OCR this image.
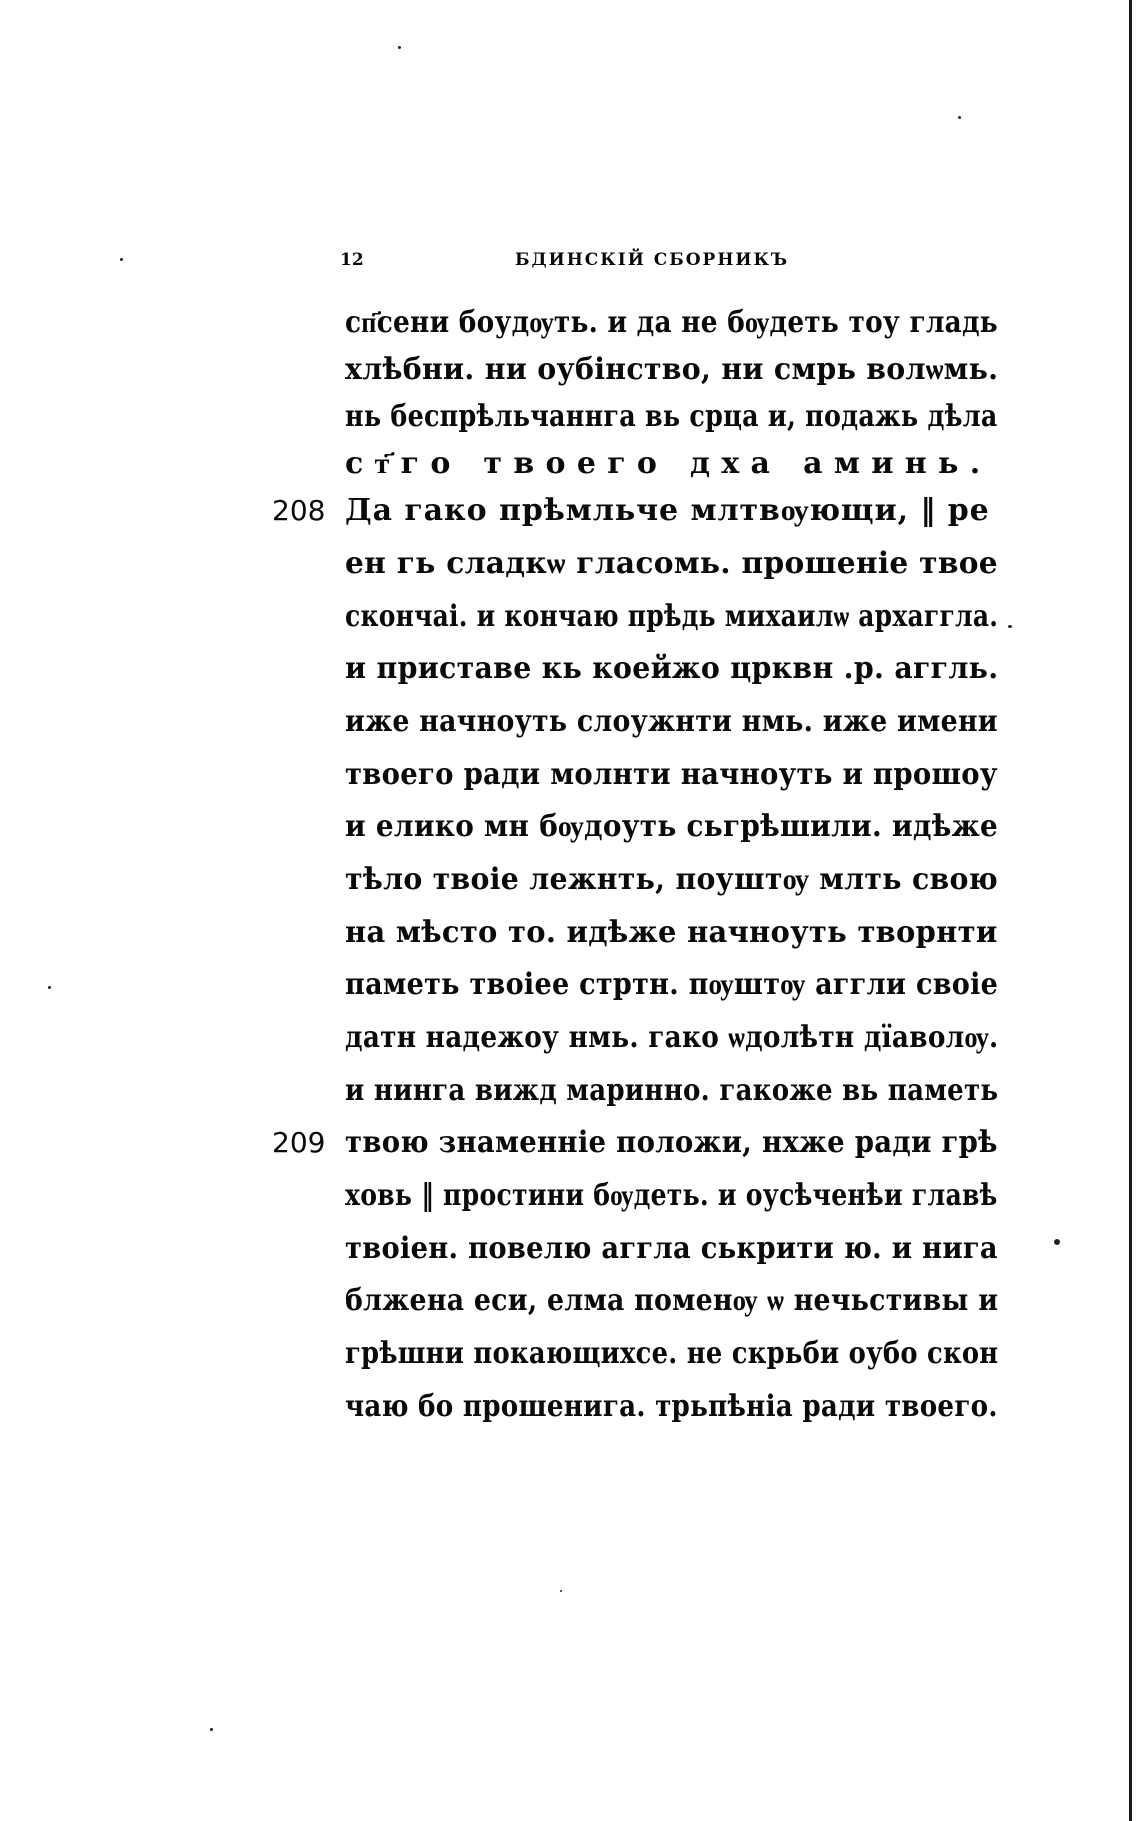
12	БДИНСКІЙ СБОРНИКЪ
208
209
сп҃сени боудѹть. и да не бѹдеть тоу гладь
хлѣбни. ни оубінство, ни смрь волѡмь.
нь беспрѣльчаннга вь срца и, подажь дѣла
ст҃го твоего дха аминь.
Да гако прѣмльче млтвѹющи, ‖ ре
ен гь сладкѡ гласомь. прошеніе твое
скончаі. и кончаю прѣдь михаилѡ архаггла.
и приставе кь коейжо црквн .р. аггль.
иже начноуть слоужнти нмь. иже имени
твоего ради молнти начноуть и прошоу
и елико мн бѹдоуть сьгрѣшили. идѣже
тѣло твоіе лежнть, поуштѹ млть свою
на мѣсто то. идѣже начноуть творнти
паметь твоіее стртн. пѹштѹ аггли своіе
датн надежоу нмь. гако ѡдолѣтн дїаволѹ.
и нинга вижд маринно. гакоже вь паметь
твою знаменніе положи, нхже ради грѣ
ховь ‖ простини бѹдеть. и оусѣченѣи главѣ
твоіен. повелю аггла ськрити ю. и нига
блжена еси, елма поменѹ ѡ нечьстивы и
грѣшни покающихсе. не скрьби оубо скон
чаю бо прошенига. трьпѣніа ради твоего.
